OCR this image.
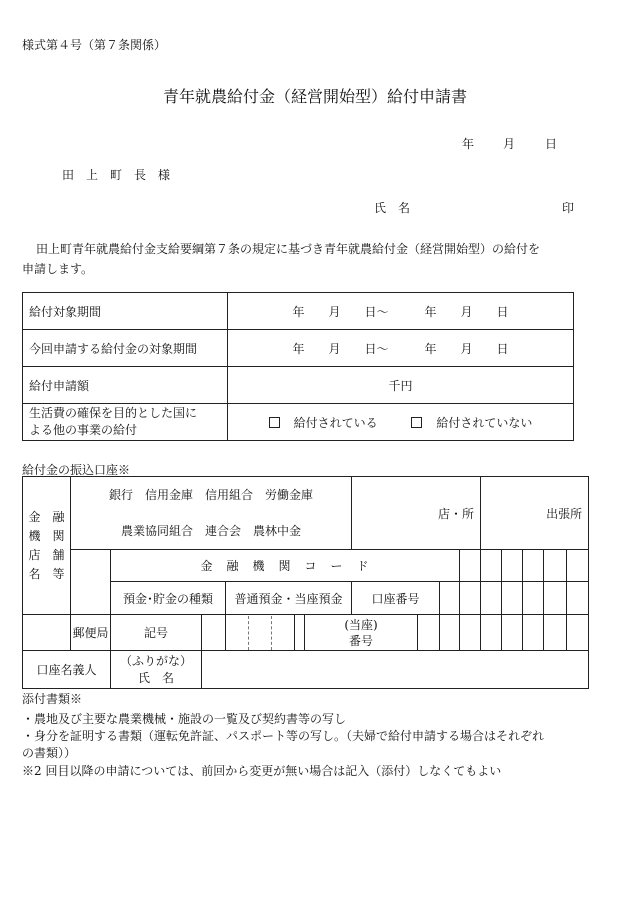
様式第４号（第７条関係）
青年就農給付金（経営開始型）給付申請書
年 月 日
田　上　町　長　様
氏　名	印
田上町青年就農給付金支給要綱第７条の規定に基づき青年就農給付金（経営開始型）の給付を
申請します。
給付対象期間	年　　月　　日～　　　年　　月　　日
今回申請する給付金の対象期間	年　　月　　日～　　　年　　月　　日
給付申請額	千円
生活費の確保を目的とした国に
よる他の事業の給付	給付されている 給付されていない
給付金の振込口座※
金　融
機　関
店　舗
名　等	銀行　信用金庫　信用組合　労働金庫
農業協同組合　連合会　農林中金						店・所				出張所					
		金　融　機　関　コ　ー　ド														
		預金･貯金の種類		普通預金・当座預金			口座番号									
	郵便局	記号				(当座)
番号										
口座名義人		（ふりがな）
氏　名														
添付書類※
・農地及び主要な農業機械・施設の一覧及び契約書等の写し
・身分を証明する書類（運転免許証、パスポート等の写し。（夫婦で給付申請する場合はそれぞれ
の書類））
※2 回目以降の申請については、前回から変更が無い場合は記入（添付）しなくてもよい
